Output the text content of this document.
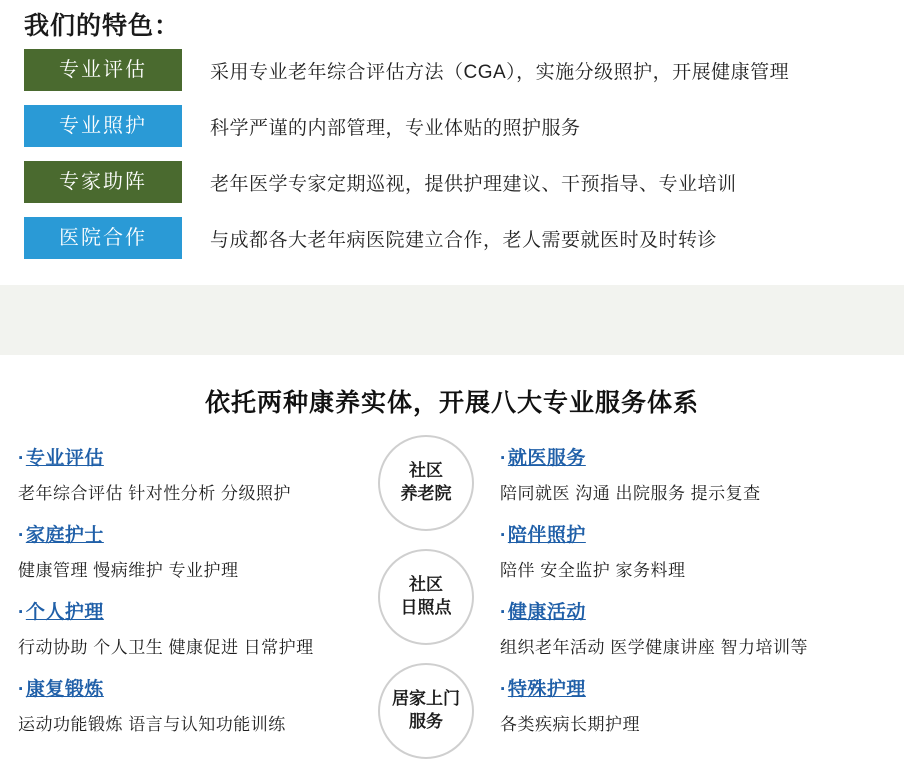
我们的特色：
专业评估	采用专业老年综合评估方法（CGA），实施分级照护，开展健康管理
专业照护	科学严谨的内部管理，专业体贴的照护服务
专家助阵	老年医学专家定期巡视，提供护理建议、干预指导、专业培训
医院合作	与成都各大老年病医院建立合作，老人需要就医时及时转诊
依托两种康养实体，开展八大专业服务体系
·专业评估
老年综合评估 针对性分析 分级照护
·家庭护士
健康管理 慢病维护 专业护理
·个人护理
行动协助 个人卫生 健康促进 日常护理
·康复锻炼
运动功能锻炼 语言与认知功能训练
社区
养老院
社区
日照点
居家上门
服务
·就医服务
陪同就医 沟通 出院服务 提示复查
·陪伴照护
陪伴 安全监护 家务料理
·健康活动
组织老年活动 医学健康讲座 智力培训等
·特殊护理
各类疾病长期护理
